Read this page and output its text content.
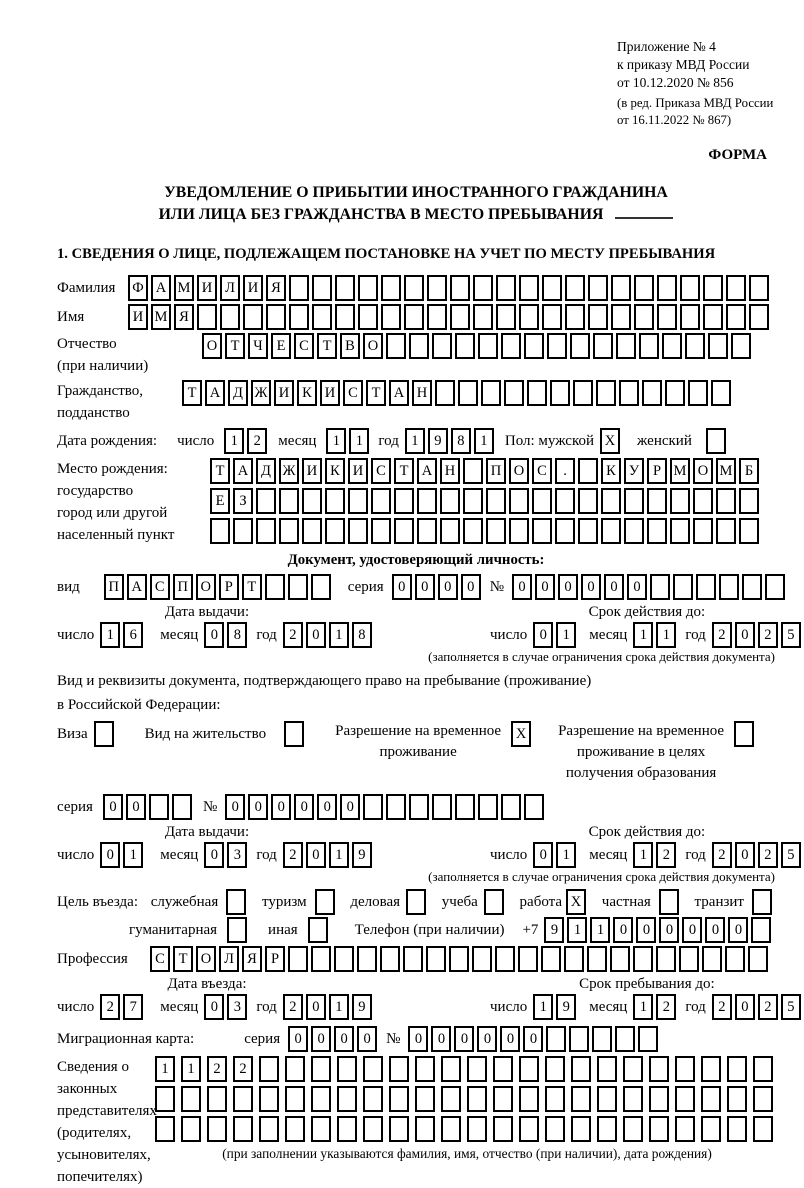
Приложение № 4
к приказу МВД России
от 10.12.2020 № 856
(в ред. Приказа МВД России
от 16.11.2022 № 867)
ФОРМА
УВЕДОМЛЕНИЕ О ПРИБЫТИИ ИНОСТРАННОГО ГРАЖДАНИНА
ИЛИ ЛИЦА БЕЗ ГРАЖДАНСТВА В МЕСТО ПРЕБЫВАНИЯ
1. СВЕДЕНИЯ О ЛИЦЕ, ПОДЛЕЖАЩЕМ ПОСТАНОВКЕ НА УЧЕТ ПО МЕСТУ ПРЕБЫВАНИЯ
Фамилия	Ф А М И Л И Я
Имя	И М Я
Отчество
(при наличии)
О Т Ч Е С Т В О
Гражданство,
подданство
Т А Д Ж И К И С Т А Н
Дата рождения: число	1	2	месяц	1	1	год 1	9	8	1	Пол: мужской X	женский
Место рождения:
государство
город или другой
населенный пункт
Т А Д Ж И К И С Т А Н	П О С	.	К У Р М О М Б
Е	З
Документ, удостоверяющий личность:
вид	П А С П О Р	Т	серия 0	0	0	0	№ 0	0	0	0	0	0
Дата выдачи:
число 1	6	месяц 0	8	год 2	0	1	8
Срок действия до:
число 0	1	месяц 1	1	год 2	0	2	5
(заполняется в случае ограничения срока действия документа)
Вид и реквизиты документа, подтверждающего право на пребывание (проживание)
в Российской Федерации:
Виза	Вид на жительство	Разрешение на временное
проживание
X	Разрешение на временное
проживание в целях
получения образования
серия	0	0	№ 0	0	0	0	0	0
Дата выдачи:
число 0	1	месяц 0	3	год 2	0	1	9
Срок действия до:
число 0	1	месяц 1	2	год 2	0	2	5
(заполняется в случае ограничения срока действия документа)
Цель въезда: служебная	туризм	деловая	учеба	работа X	частная	транзит
гуманитарная	иная	Телефон (при наличии) +7 9	1	1	0	0	0	0	0	0
Профессия	С Т О Л Я Р
Дата въезда:
число 2	7	месяц 0	3	год 2	0	1	9
Срок пребывания до:
число 1	9	месяц 1	2	год 2	0	2	5
Миграционная карта:	серия 0	0	0	0	№ 0	0	0	0	0	0
Сведения о
законных
представителях
(родителях,
усыновителях,
попечителях)
1	1	2	2
(при заполнении указываются фамилия, имя, отчество (при наличии), дата рождения)
